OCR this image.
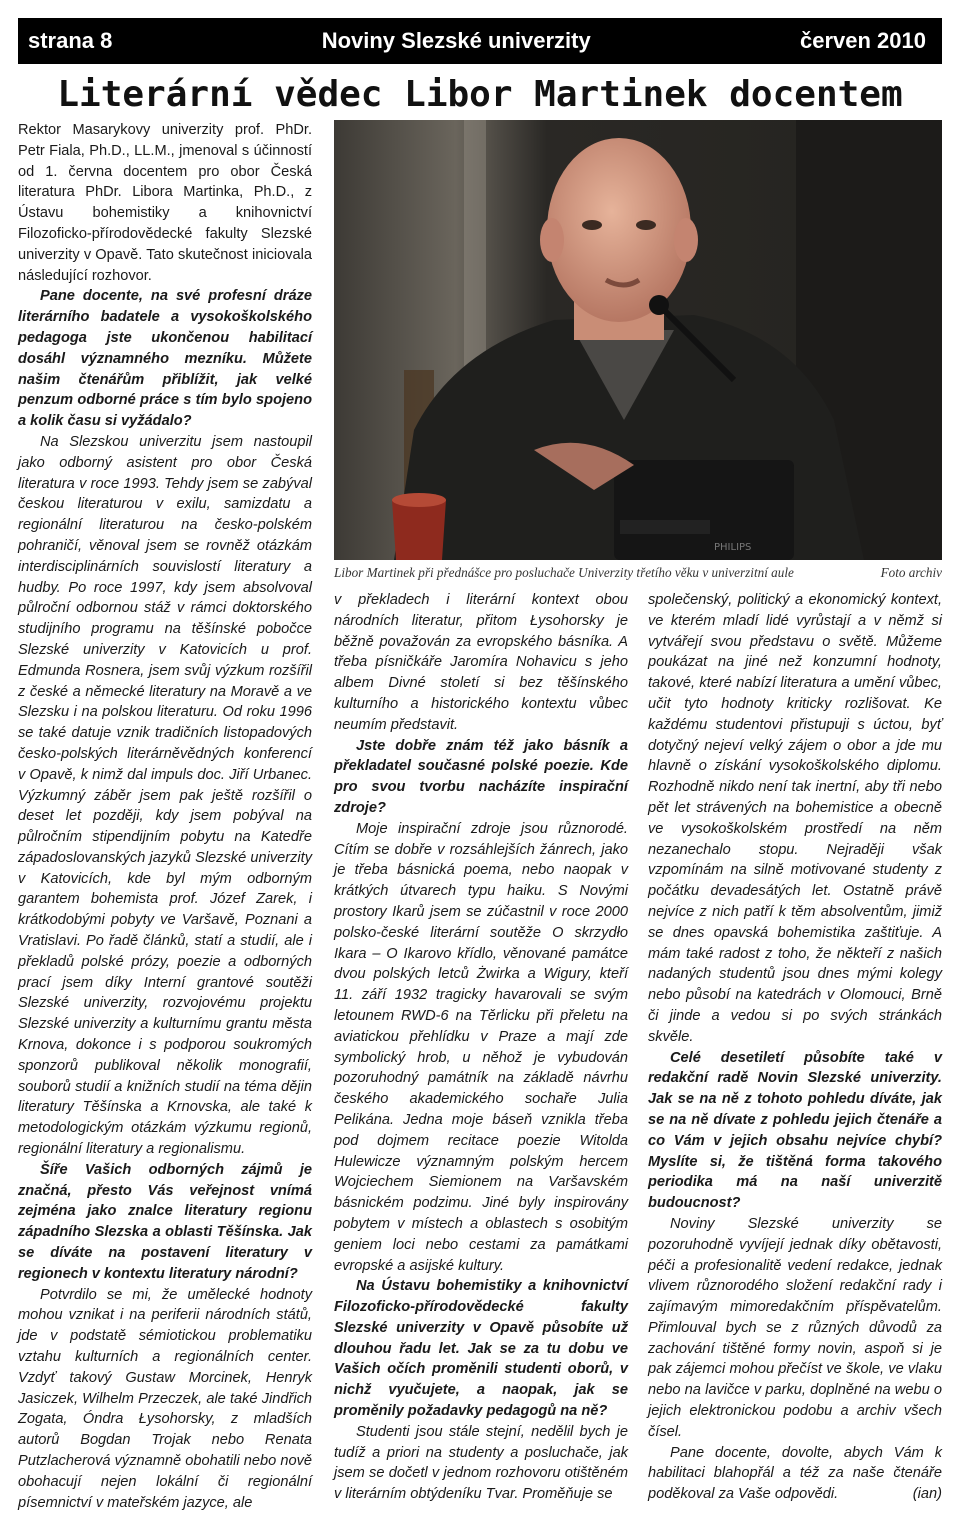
strana 8	Noviny Slezské univerzity	červen 2010
Literární vědec Libor Martinek docentem

Rektor Masarykovy univerzity prof. PhDr. Petr Fiala, Ph.D., LL.M., jmenoval s účinností od 1. června docentem pro obor Česká literatura PhDr. Libora Martinka, Ph.D., z Ústavu bohemistiky a knihovnictví Filozoficko-přírodovědecké fakulty Slezské univerzity v Opavě. Tato skutečnost iniciovala následující rozhovor.

Pane docente, na své profesní dráze literárního badatele a vysokoškolského pedagoga jste ukončenou habilitací dosáhl významného mezníku. Můžete našim čtenářům přiblížit, jak velké penzum odborné práce s tím bylo spojeno a kolik času si vyžádalo?

Na Slezskou univerzitu jsem nastoupil jako odborný asistent pro obor Česká literatura v roce 1993. Tehdy jsem se zabýval českou literaturou v exilu, samizdatu a regionální literaturou na česko-polském pohraničí, věnoval jsem se rovněž otázkám interdisciplinárních souvislostí literatury a hudby. Po roce 1997, kdy jsem absolvoval půlroční odbornou stáž v rámci doktorského studijního programu na těšínské pobočce Slezské univerzity v Katovicích u prof. Edmunda Rosnera, jsem svůj výzkum rozšířil z české a německé literatury na Moravě a ve Slezsku i na polskou literaturu. Od roku 1996 se také datuje vznik tradičních listopadových česko-polských literárněvědných konferencí v Opavě, k nimž dal impuls doc. Jiří Urbanec. Výzkumný záběr jsem pak ještě rozšířil o deset let později, kdy jsem pobýval na půlročním stipendijním pobytu na Katedře západoslovanských jazyků Slezské univerzity v Katovicích, kde byl mým odborným garantem bohemista prof. Józef Zarek, i krátkodobými pobyty ve Varšavě, Poznani a Vratislavi. Po řadě článků, statí a studií, ale i překladů polské prózy, poezie a odborných prací jsem díky Interní grantové soutěži Slezské univerzity, rozvojovému projektu Slezské univerzity a kulturnímu grantu města Krnova, dokonce i s podporou soukromých sponzorů publikoval několik monografií, souborů studií a knižních studií na téma dějin literatury Těšínska a Krnovska, ale také k metodologickým otázkám výzkumu regionů, regionální literatury a regionalismu.

Šíře Vašich odborných zájmů je značná, přesto Vás veřejnost vnímá zejména jako znalce literatury regionu západního Slezska a oblasti Těšínska. Jak se díváte na postavení literatury v regionech v kontextu literatury národní?

Potvrdilo se mi, že umělecké hodnoty mohou vznikat i na periferii národních států, jde v podstatě sémiotickou problematiku vztahu kulturních a regionálních center. Vzdyť takový Gustaw Morcinek, Henryk Jasiczek, Wilhelm Przeczek, ale také Jindřich Zogata, Óndra Łysohorsky, z mladších autorů Bogdan Trojak nebo Renata Putzlacherová významně obohatili nebo nově obohacují nejen lokální či regionální písemnictví v mateřském jazyce, ale

PHILIPS
Libor Martinek při přednášce pro posluchače Univerzity třetího věku v univerzitní aule	Foto archiv

v překladech i literární kontext obou národních literatur, přitom Łysohorsky je běžně považován za evropského básníka. A třeba písničkáře Jaromíra Nohavicu s jeho albem Divné století si bez těšínského kulturního a historického kontextu vůbec neumím představit.

Jste dobře znám též jako básník a překladatel současné polské poezie. Kde pro svou tvorbu nacházíte inspirační zdroje?

Moje inspirační zdroje jsou různorodé. Cítím se dobře v rozsáhlejších žánrech, jako je třeba básnická poema, nebo naopak v krátkých útvarech typu haiku. S Novými prostory Ikarů jsem se zúčastnil v roce 2000 polsko-české literární soutěže O skrzydło Ikara – O Ikarovo křídlo, věnované památce dvou polských letců Żwirka a Wigury, kteří 11. září 1932 tragicky havarovali se svým letounem RWD-6 na Těrlicku při přeletu na aviatickou přehlídku v Praze a mají zde symbolický hrob, u něhož je vybudován pozoruhodný památník na základě návrhu českého akademického sochaře Julia Pelikána. Jedna moje báseň vznikla třeba pod dojmem recitace poezie Witolda Hulewicze významným polským hercem Wojciechem Siemionem na Varšavském básnickém podzimu. Jiné byly inspirovány pobytem v místech a oblastech s osobitým geniem loci nebo cestami za památkami evropské a asijské kultury.

Na Ústavu bohemistiky a knihovnictví Filozoficko-přírodovědecké fakulty Slezské univerzity v Opavě působíte už dlouhou řadu let. Jak se za tu dobu ve Vašich očích proměnili studenti oborů, v nichž vyučujete, a naopak, jak se proměnily požadavky pedagogů na ně?

Studenti jsou stále stejní, nedělil bych je tudíž a priori na studenty a posluchače, jak jsem se dočetl v jednom rozhovoru otištěném v literárním obtýdeníku Tvar. Proměňuje se

společenský, politický a ekonomický kontext, ve kterém mladí lidé vyrůstají a v němž si vytvářejí svou představu o světě. Můžeme poukázat na jiné než konzumní hodnoty, takové, které nabízí literatura a umění vůbec, učit tyto hodnoty kriticky rozlišovat. Ke každému studentovi přistupuji s úctou, byť dotyčný nejeví velký zájem o obor a jde mu hlavně o získání vysokoškolského diplomu. Rozhodně nikdo není tak inertní, aby tři nebo pět let strávených na bohemistice a obecně ve vysokoškolském prostředí na něm nezanechalo stopu. Nejraději však vzpomínám na silně motivované studenty z počátku devadesátých let. Ostatně právě nejvíce z nich patří k těm absolventům, jimiž se dnes opavská bohemistika zaštiťuje. A mám také radost z toho, že někteří z našich nadaných studentů jsou dnes mými kolegy nebo působí na katedrách v Olomouci, Brně či jinde a vedou si po svých stránkách skvěle.

Celé desetiletí působíte také v redakční radě Novin Slezské univerzity. Jak se na ně z tohoto pohledu díváte, jak se na ně dívate z pohledu jejich čtenáře a co Vám v jejich obsahu nejvíce chybí? Myslíte si, že tištěná forma takového periodika má na naší univerzitě budoucnost?

Noviny Slezské univerzity se pozoruhodně vyvíjejí jednak díky obětavosti, péči a profesionalitě vedení redakce, jednak vlivem různorodého složení redakční rady i zajímavým mimoredakčním příspěvatelům. Přimlouval bych se z různých důvodů za zachování tištěné formy novin, aspoň si je pak zájemci mohou přečíst ve škole, ve vlaku nebo na lavičce v parku, doplněné na webu o jejich elektronickou podobu a archiv všech čísel.

Pane docente, dovolte, abych Vám k habilitaci blahopřál a též za naše čtenáře poděkoval za Vaše odpovědi.	(ian)
